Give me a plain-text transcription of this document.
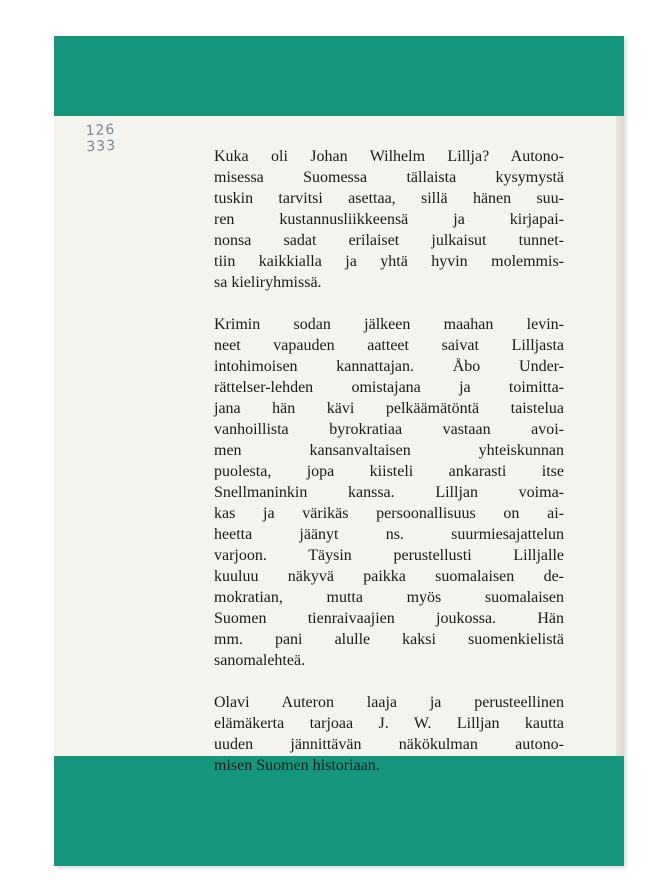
126
333
Kuka oli Johan Wilhelm Lillja? Autono-
misessa Suomessa tällaista kysymystä
tuskin tarvitsi asettaa, sillä hänen suu-
ren kustannusliikkeensä ja kirjapai-
nonsa sadat erilaiset julkaisut tunnet-
tiin kaikkialla ja yhtä hyvin molemmis-
sa kieliryhmissä.
Krimin sodan jälkeen maahan levin-
neet vapauden aatteet saivat Lilljasta
intohimoisen kannattajan. Åbo Under-
rättelser-lehden omistajana ja toimitta-
jana hän kävi pelkäämätöntä taistelua
vanhoillista byrokratiaa vastaan avoi-
men kansanvaltaisen yhteiskunnan
puolesta, jopa kiisteli ankarasti itse
Snellmaninkin kanssa. Lilljan voima-
kas ja värikäs persoonallisuus on ai-
heetta jäänyt ns. suurmiesajattelun
varjoon. Täysin perustellusti Lilljalle
kuuluu näkyvä paikka suomalaisen de-
mokratian, mutta myös suomalaisen
Suomen tienraivaajien joukossa. Hän
mm. pani alulle kaksi suomenkielistä
sanomalehteä.
Olavi Auteron laaja ja perusteellinen
elämäkerta tarjoaa J. W. Lilljan kautta
uuden jännittävän näkökulman autono-
misen Suomen historiaan.
